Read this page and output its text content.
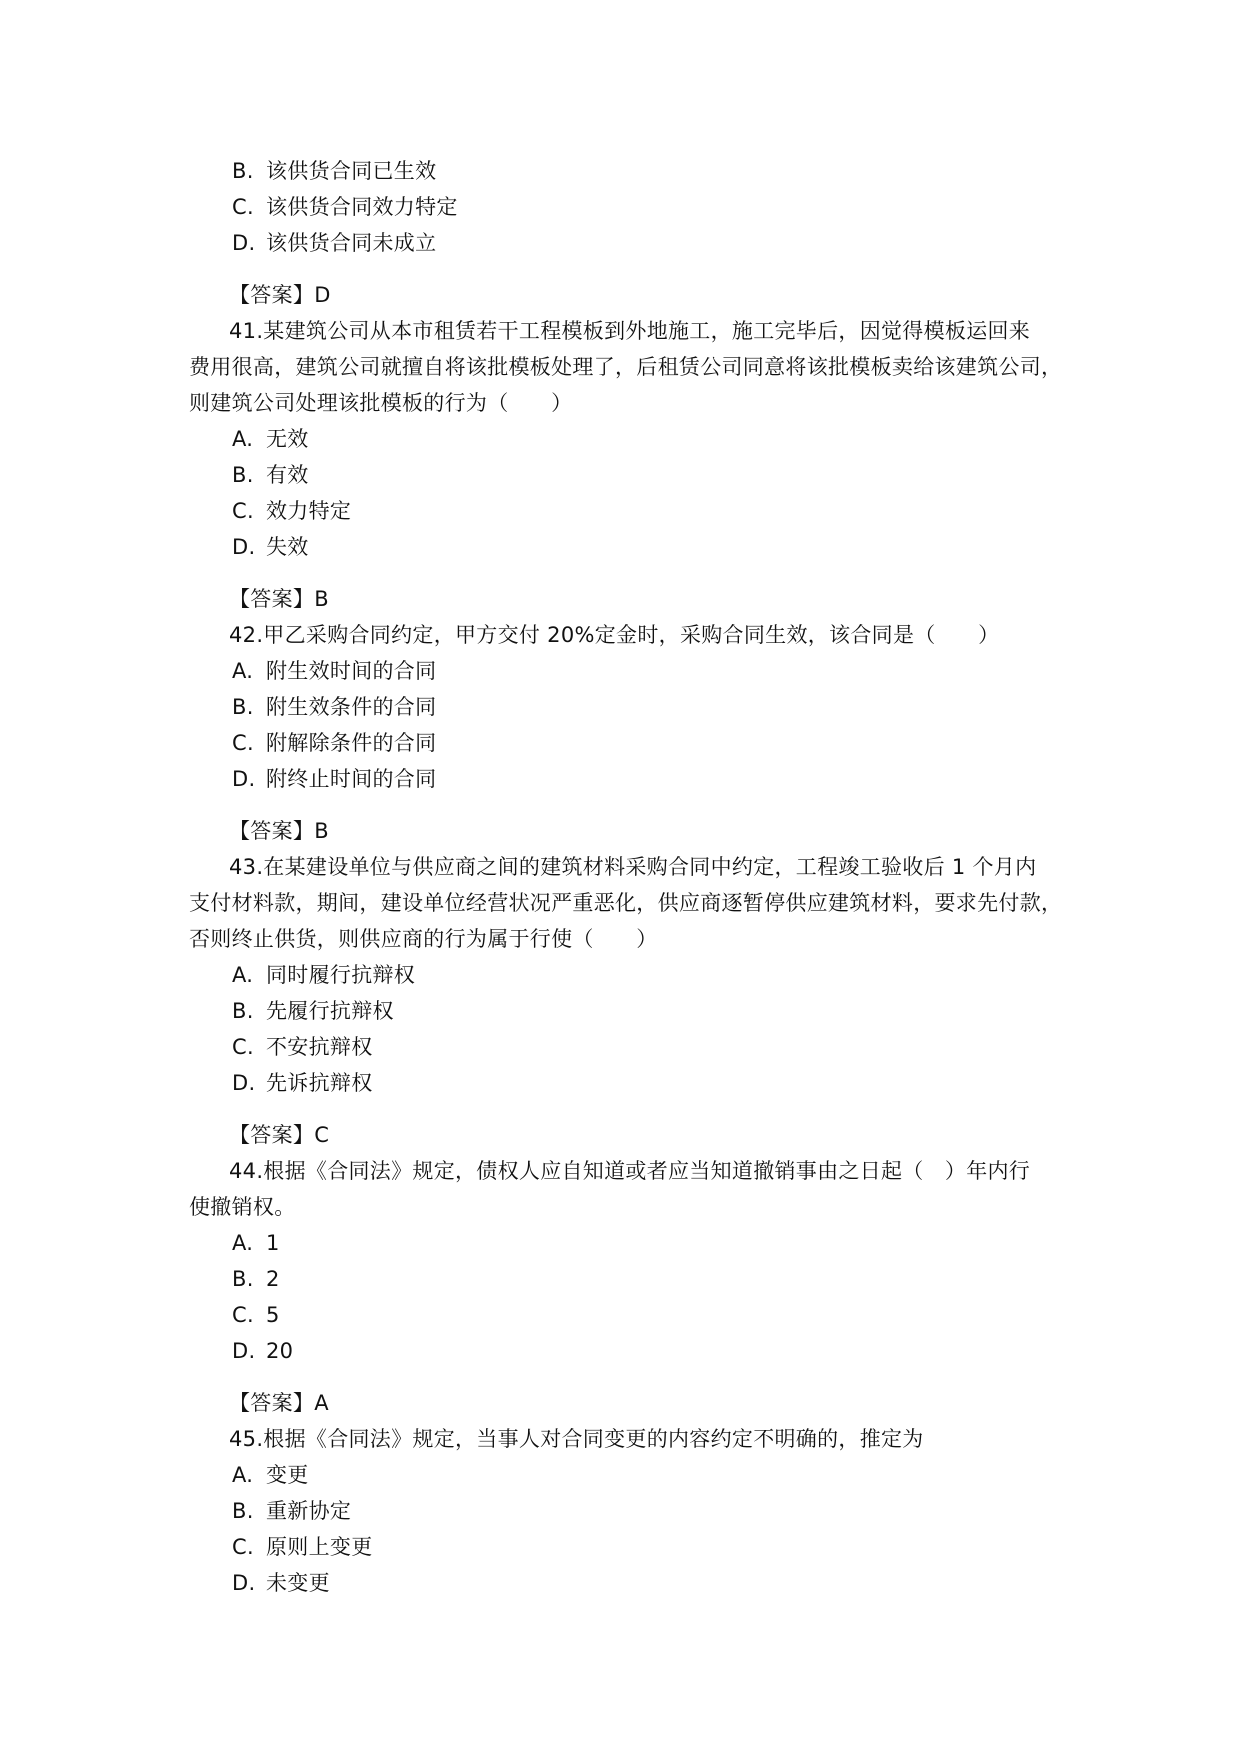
B. 该供货合同已生效
C. 该供货合同效力特定
D. 该供货合同未成立
【答案】D
41.某建筑公司从本市租赁若干工程模板到外地施工，施工完毕后，因觉得模板运回来
费用很高，建筑公司就擅自将该批模板处理了，后租赁公司同意将该批模板卖给该建筑公司，
则建筑公司处理该批模板的行为（　　）
A. 无效
B. 有效
C. 效力特定
D. 失效
【答案】B
42.甲乙采购合同约定，甲方交付 20%定金时，采购合同生效，该合同是（　　）
A. 附生效时间的合同
B. 附生效条件的合同
C. 附解除条件的合同
D. 附终止时间的合同
【答案】B
43.在某建设单位与供应商之间的建筑材料采购合同中约定，工程竣工验收后 1 个月内
支付材料款，期间，建设单位经营状况严重恶化，供应商逐暂停供应建筑材料，要求先付款，
否则终止供货，则供应商的行为属于行使（　　）
A. 同时履行抗辩权
B. 先履行抗辩权
C. 不安抗辩权
D. 先诉抗辩权
【答案】C
44.根据《合同法》规定，债权人应自知道或者应当知道撤销事由之日起（　）年内行
使撤销权。
A. 1
B. 2
C. 5
D. 20
【答案】A
45.根据《合同法》规定，当事人对合同变更的内容约定不明确的，推定为
A. 变更
B. 重新协定
C. 原则上变更
D. 未变更
